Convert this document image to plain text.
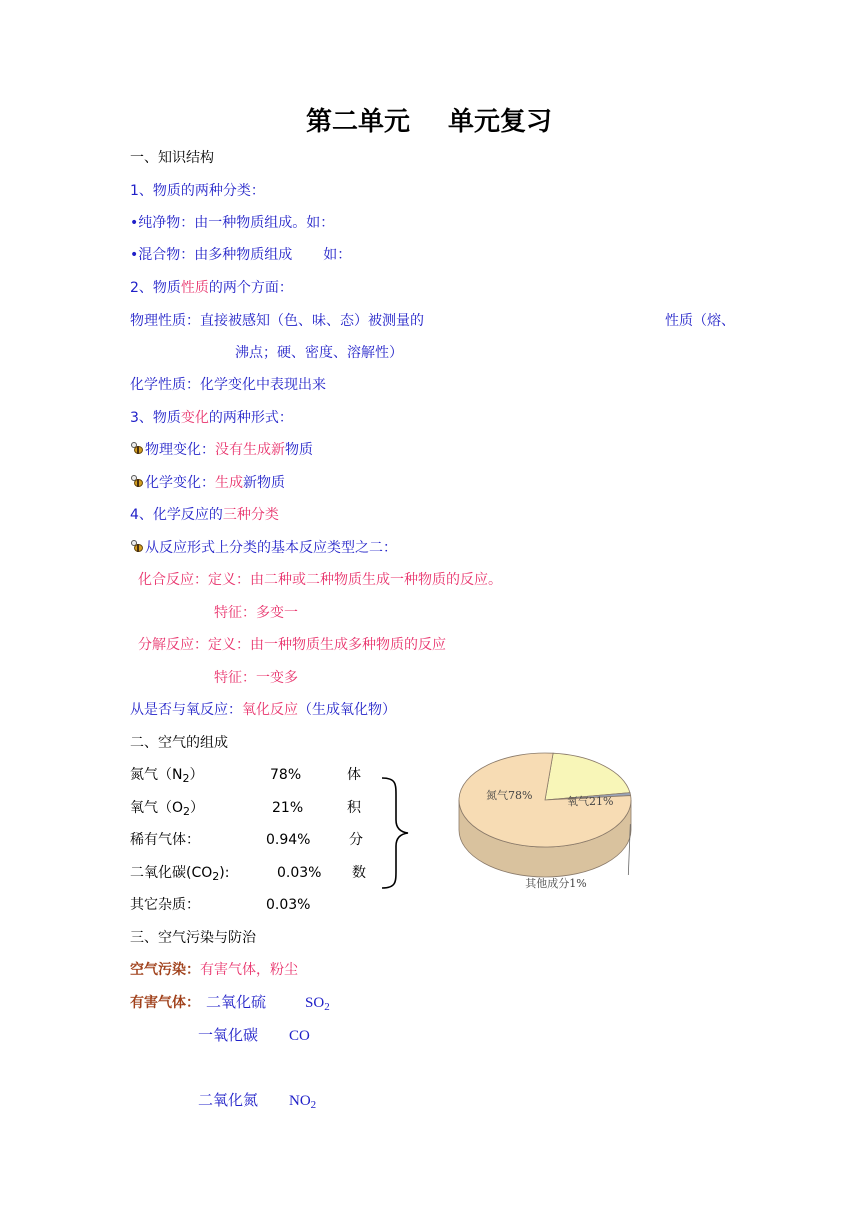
第二单元 单元复习
一、知识结构
1、物质的两种分类：
•纯净物：由一种物质组成。如：
•混合物：由多种物质组成 如：
2、物质性质的两个方面：
物理性质：直接被感知（色、味、态）被测量的	性质（熔、
沸点；硬、密度、溶解性）
化学性质：化学变化中表现出来
3、物质变化的两种形式：
物理变化：没有生成新物质
化学变化：生成新物质
4、化学反应的三种分类
从反应形式上分类的基本反应类型之二：
化合反应：定义：由二种或二种物质生成一种物质的反应。
特征：多变一
分解反应：定义：由一种物质生成多种物质的反应
特征：一变多
从是否与氧反应：氧化反应（生成氧化物）
二、空气的组成
氮气$(N_2)$	78%	体
氧气$(O_2)$	21%	积
稀有气体：	0.94%	分
二氧化碳$(CO_2)$:	0.03% 数
其它杂质：	0.03%
氮气78%	氧气21%
其他成分1%
三、空气污染与防治
空气污染：有害气体，粉尘
有害气体： 二氧化硫	$SO_2$
一氧化碳 CO
二氧化氮 $NO_2$
